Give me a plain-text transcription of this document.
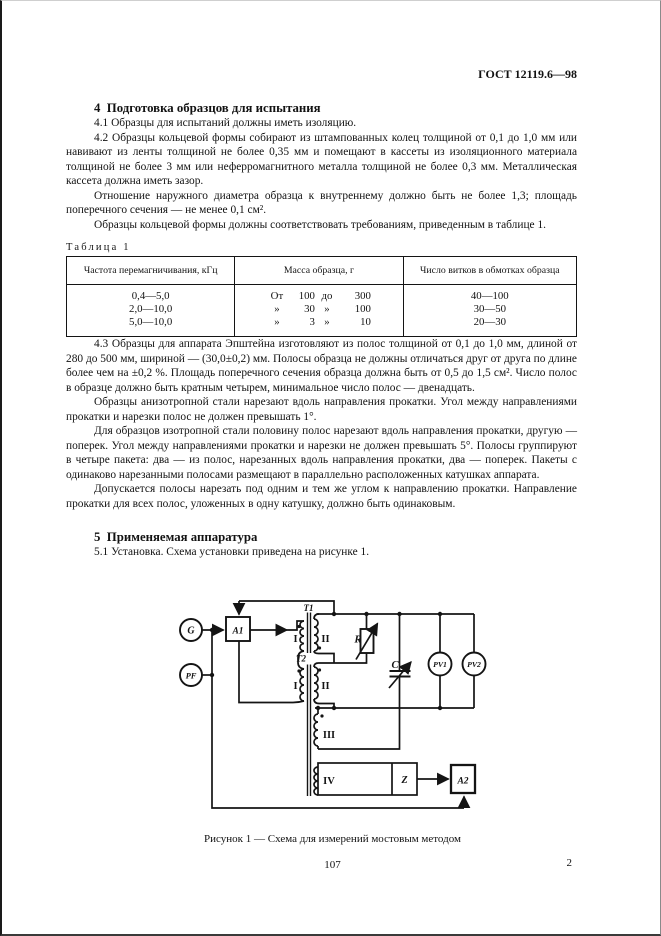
ГОСТ 12119.6—98

4  Подготовка образцов для испытания

4.1 Образцы для испытаний должны иметь изоляцию.

4.2 Образцы кольцевой формы собирают из штампованных колец толщиной от 0,1 до 1,0 мм или навивают из ленты толщиной не более 0,35 мм и помещают в кассеты из изоляционного материала толщиной не более 3 мм или неферромагнитного металла толщиной не более 0,3 мм. Металлическая кассета должна иметь зазор.

Отношение наружного диаметра образца к внутреннему должно быть не более 1,3; площадь поперечного сечения — не менее 0,1 см².

Образцы кольцевой формы должны соответствовать требованиям, приведенным в таблице 1.

Таблица 1

Частота перемагничивания, кГц	Масса образца, г	Число витков в обмотках образца
0,4—5,0	От 100 до 300	40—100
2,0—10,0	» 30 » 100	30—50
5,0—10,0	» 3 » 10	20—30

4.3 Образцы для аппарата Эпштейна изготовляют из полос толщиной от 0,1 до 1,0 мм, длиной от 280 до 500 мм, шириной — (30,0±0,2) мм. Полосы образца не должны отличаться друг от друга по длине более чем на ±0,2 %. Площадь поперечного сечения образца должна быть от 0,5 до 1,5 см². Число полос в образце должно быть кратным четырем, минимальное число полос — двенадцать.

Образцы анизотропной стали нарезают вдоль направления прокатки. Угол между направлениями прокатки и нарезки полос не должен превышать 1°.

Для образцов изотропной стали половину полос нарезают вдоль направления прокатки, другую — поперек. Угол между направлениями прокатки и нарезки не должен превышать 5°. Полосы группируют в четыре пакета: два — из полос, нарезанных вдоль направления прокатки, два — поперек. Пакеты с одинаково нарезанными полосами размещают в параллельно расположенных катушках аппарата.

Допускается полосы нарезать под одним и тем же углом к направлению прокатки. Направление прокатки для всех полос, уложенных в одну катушку, должно быть одинаковым.

5  Применяемая аппаратура

5.1 Установка. Схема установки приведена на рисунке 1.

G
PF
A1
T1
T2
I II
I II
III
IV
R
C	PV1	PV2
Z	A2

Рисунок 1 — Схема для измерений мостовым методом

107	2
